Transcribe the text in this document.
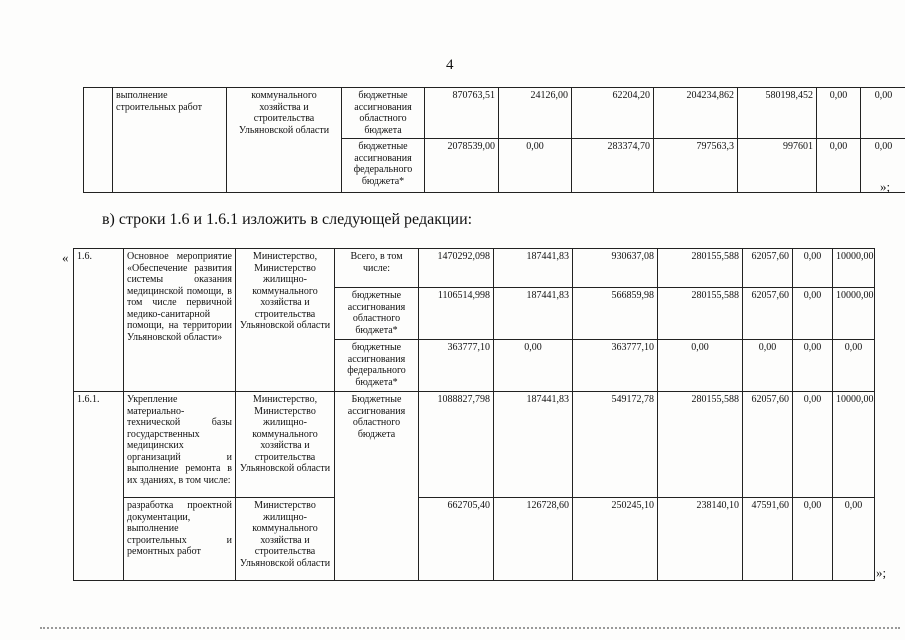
4
	выполнение строительных работ	коммунального хозяйства и строительства Ульяновской области	бюджетные ассигнования областного бюджета	870763,51	24126,00	62204,20	204234,862	580198,452	0,00	0,00
			бюджетные ассигнования федерального бюджета*	2078539,00	0,00	283374,70	797563,3	997601	0,00	0,00
»;
в) строки 1.6 и 1.6.1 изложить в следующей редакции:
« 1.6.	Основное мероприятие «Обеспечение развития системы оказания медицинской помощи, в том числе первичной медико-санитарной помощи, на территории Ульяновской области»	Министерство, Министерство жилищно-коммунального хозяйства и строительства Ульяновской области	Всего, в том числе:	1470292,098	187441,83	930637,08	280155,588	62057,60	0,00	10000,00
			бюджетные ассигнования областного бюджета*	1106514,998	187441,83	566859,98	280155,588	62057,60	0,00	10000,00
			бюджетные ассигнования федерального бюджета*	363777,10	0,00	363777,10	0,00	0,00	0,00	0,00
1.6.1.	Укрепление материально-технической базы государственных медицинских организаций и выполнение ремонта в их зданиях, в том числе:	Министерство, Министерство жилищно-коммунального хозяйства и строительства Ульяновской области	Бюджетные ассигнования областного бюджета	1088827,798	187441,83	549172,78	280155,588	62057,60	0,00	10000,00
	разработка проектной документации, выполнение строительных и ремонтных работ	Министерство жилищно-коммунального хозяйства и строительства Ульяновской области		662705,40	126728,60	250245,10	238140,10	47591,60	0,00	0,00
»;
